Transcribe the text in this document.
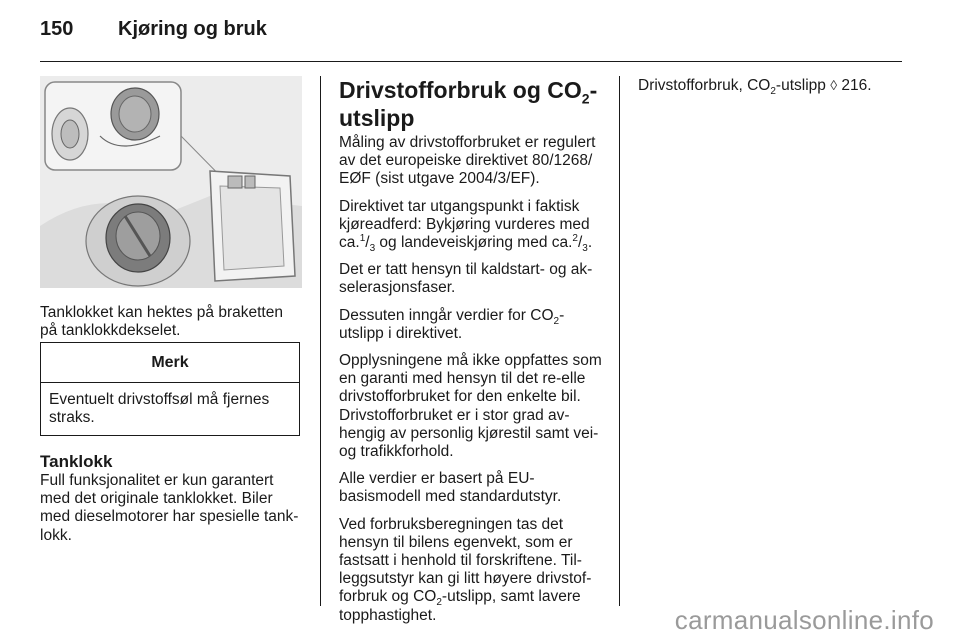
150	Kjøring og bruk

Tanklokket kan hektes på braketten på tanklokkdekselet.

Merk
Eventuelt drivstoffsøl må fjernes straks.
Tanklokk

Full funksjonalitet er kun garantert med det originale tanklokket. Biler med dieselmotorer har spesielle tank-lokk.

Drivstofforbruk og $CO_2$-utslipp

Måling av drivstofforbruket er regulert av det europeiske direktivet 80/1268/ EØF (sist utgave 2004/3/EF).

Direktivet tar utgangspunkt i faktisk kjøreadferd: Bykjøring vurderes med $ca.^1/_3$ og landeveiskjøring med $ca.^2/_3$.

Det er tatt hensyn til kaldstart- og ak-selerasjonsfaser.

Dessuten inngår verdier for $CO_2$-utslipp i direktivet.

Opplysningene må ikke oppfattes som en garanti med hensyn til det re-elle drivstofforbruket for den enkelte bil. Drivstofforbruket er i stor grad av-hengig av personlig kjørestil samt vei- og trafikkforhold.

Alle verdier er basert på EU-basismodell med standardutstyr.

Ved forbruksberegningen tas det hensyn til bilens egenvekt, som er fastsatt i henhold til forskriftene. Til-leggsutstyr kan gi litt høyere drivstof-forbruk og $CO_2$-utslipp, samt lavere topphastighet.

Drivstofforbruk, $CO_2$-utslipp ◊ 216.

carmanualsonline.info
